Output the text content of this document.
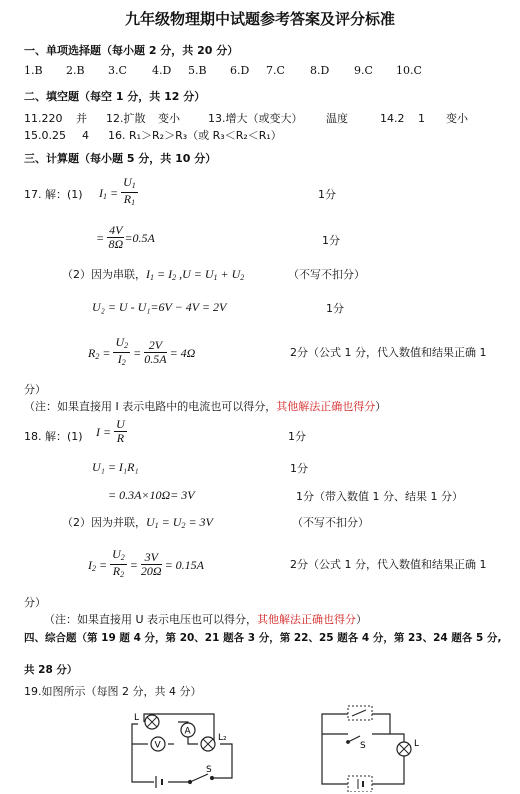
九年级物理期中试题参考答案及评分标准
一、单项选择题（每小题 2 分，共 20 分）
1.B 2.B 3.C 4.D 5.B 6.D 7.C 8.D 9.C 10.C
二、填空题（每空 1 分，共 12 分）
11.220 并 12.扩散 变小	13.增大（或变大） 温度	14.2 1 变小
15.0.25 4 16. R₁＞R₂＞R₃（或 R₃＜R₂＜R₁）
三、计算题（每小题 5 分，共 10 分）
17. 解：(1) $I_1 = \frac{U_1}{R_1}$	1分
= $\frac{4V}{8\Omega} =0.5A$	1分
（2）因为串联，$I_1 = I_2$ $,U = U_1 + U_2$	（不写不扣分）
U₂ = U - U₁=6V − 4V = 2V	1分
$R_2 = \frac{U_2}{I_2} = \frac{2V}{0.5A} = 4\Omega$	2分（公式 1 分，代入数值和结果正确 1
分）
（注：如果直接用 I 表示电路中的电流也可以得分，其他解法正确也得分）
18. 解：(1) $I = \frac{U}{R}$	1分
U₁ = I₁R₁	1分
= 0.3A×10Ω= 3V	1分（带入数值 1 分、结果 1 分）
（2）因为并联，$U_1 = U_2 = 3V$	（不写不扣分）
$I_2 = \frac{U_2}{R_2} = \frac{3V}{20\Omega} = 0.15A$	2分（公式 1 分，代入数值和结果正确 1
分）
（注：如果直接用 U 表示电压也可以得分，其他解法正确也得分）
四、综合题（第 19 题 4 分，第 20、21 题各 3 分，第 22、25 题各 4 分，第 23、24 题各 5 分,
共 28 分）
19.如图所示（每图 2 分，共 4 分）
L
A
V
L₂
S
S	L
